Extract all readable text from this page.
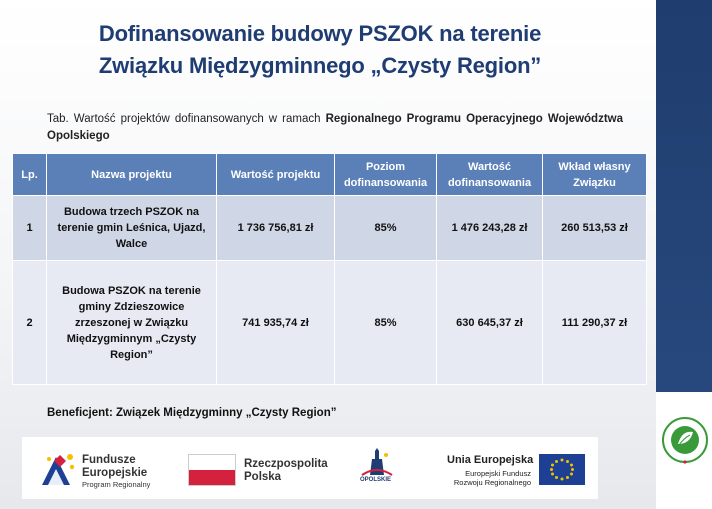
Dofinansowanie budowy PSZOK na terenie
Związku Międzygminnego „Czysty Region”
Tab. Wartość projektów dofinansowanych w ramach Regionalnego Programu Operacyjnego Województwa Opolskiego
Lp.	Nazwa projektu	Wartość projektu	Poziom dofinansowania	Wartość dofinansowania	Wkład własny Związku
1	Budowa trzech PSZOK na terenie gmin Leśnica, Ujazd, Walce	1 736 756,81 zł	85%	1 476 243,28 zł	260 513,53 zł
2	Budowa PSZOK na terenie gminy Zdzieszowice zrzeszonej w Związku Międzygminnym „Czysty Region”	741 935,74 zł	85%	630 645,37 zł	111 290,37 zł
Beneficjent: Związek Międzygminny „Czysty Region”
Fundusze Europejskie
Program Regionalny
Rzeczpospolita Polska	OPOLSKIE
Unia Europejska
Europejski Fundusz Rozwoju Regionalnego
